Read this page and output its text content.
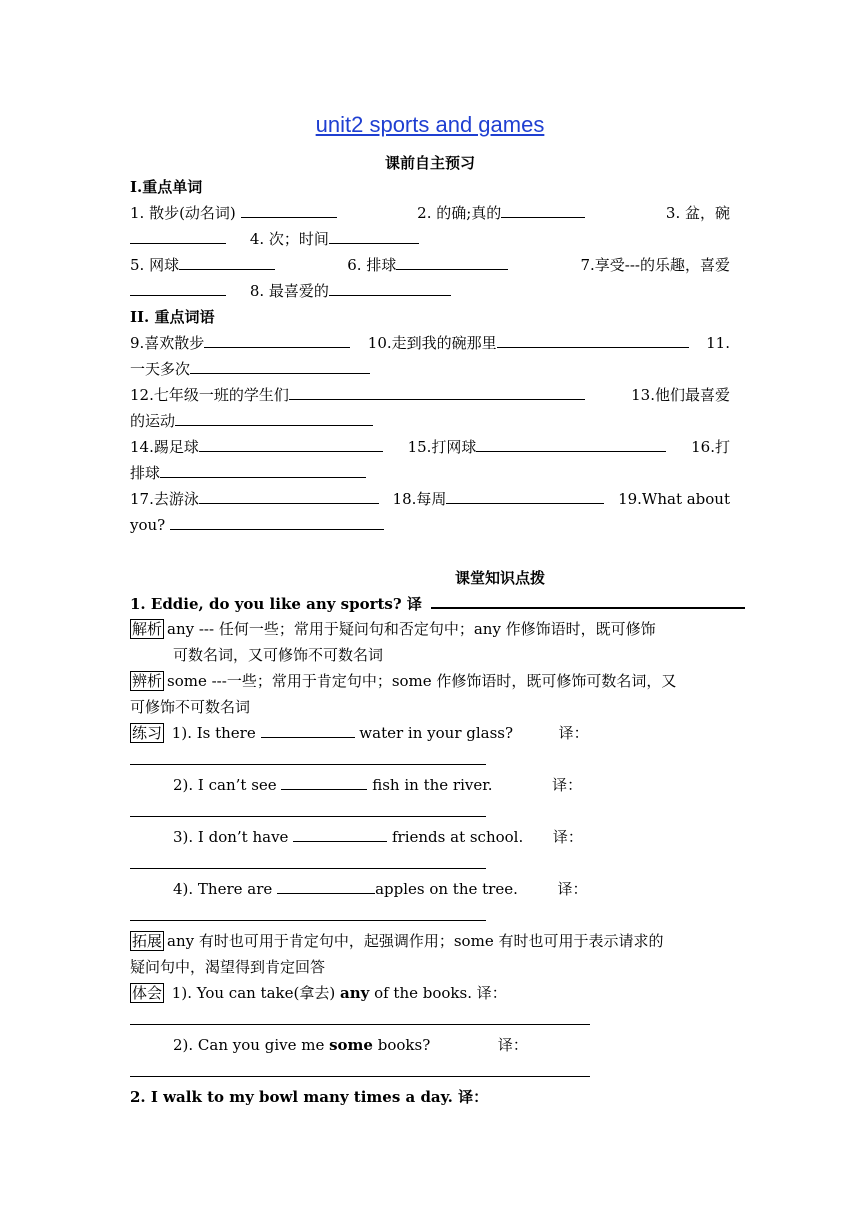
unit2 sports and games
课前自主预习
I.重点单词
1. 散步(动名词)	2. 的确;真的	3. 盆，碗
4. 次；时间
5. 网球	6. 排球	7.享受---的乐趣，喜爱
8. 最喜爱的
II. 重点词语
9.喜欢散步	10.走到我的碗那里	11.
一天多次
12.七年级一班的学生们	13.他们最喜爱
的运动
14.踢足球	15.打网球	16.打
排球
17.去游泳	18.每周	19.What about
you?
课堂知识点拨
1. Eddie, do you like any sports? 译
解析 any --- 任何一些；常用于疑问句和否定句中；any 作修饰语时，既可修饰
可数名词，又可修饰不可数名词
辨析 some ---一些；常用于肯定句中；some 作修饰语时，既可修饰可数名词，又
可修饰不可数名词
练习 1). Is there	water in your glass?	译：
2). I can’t see	fish in the river.	译：
3). I don’t have	friends at school. 译：
4). There are	apples on the tree.	译：
拓展 any 有时也可用于肯定句中，起强调作用；some 有时也可用于表示请求的
疑问句中，渴望得到肯定回答
体会 1). You can take(拿去) any of the books. 译：
2). Can you give me some books?	译：
2. I walk to my bowl many times a day. 译：
